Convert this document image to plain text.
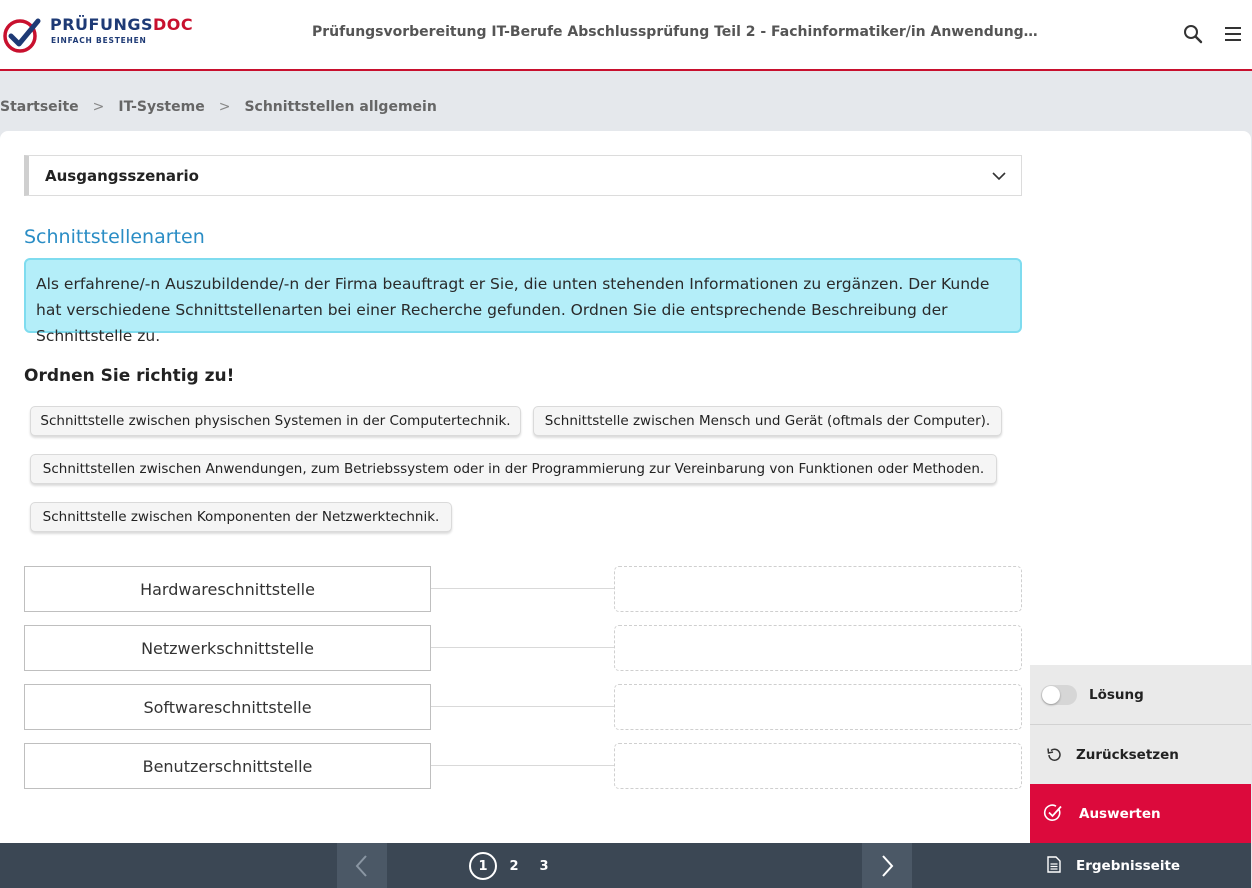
PRÜFUNGSDOC
EINFACH BESTEHEN
Prüfungsvorbereitung IT-Berufe Abschlussprüfung Teil 2 - Fachinformatiker/in Anwendung…
Startseite > IT-Systeme > Schnittstellen allgemein
Ausgangsszenario
Schnittstellenarten
Als erfahrene/-n Auszubildende/-n der Firma beauftragt er Sie, die unten stehenden Informationen zu ergänzen. Der Kunde hat verschiedene Schnittstellenarten bei einer Recherche gefunden. Ordnen Sie die entsprechende Beschreibung der Schnittstelle zu.
Ordnen Sie richtig zu!
Schnittstelle zwischen physischen Systemen in der Computertechnik.	Schnittstelle zwischen Mensch und Gerät (oftmals der Computer).
Schnittstellen zwischen Anwendungen, zum Betriebssystem oder in der Programmierung zur Vereinbarung von Funktionen oder Methoden.
Schnittstelle zwischen Komponenten der Netzwerktechnik.
Hardwareschnittstelle
Netzwerkschnittstelle
Softwareschnittstelle
Benutzerschnittstelle
Lösung
Zurücksetzen
Auswerten
Ergebnisseite
1	2	3
